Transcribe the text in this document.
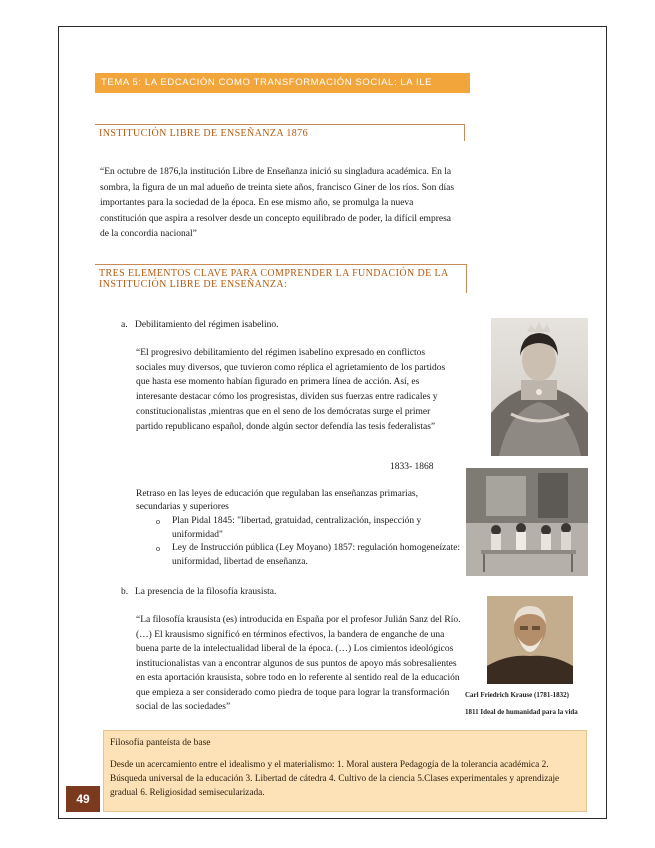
TEMA 5: LA EDCACIÓN COMO TRANSFORMACIÓN SOCIAL: LA ILE
INSTITUCIÓN LIBRE DE ENSEÑANZA 1876
“En octubre de 1876,la institución Libre de Enseñanza inició su singladura académica. En la sombra, la figura de un mal adueño de treinta siete años, francisco Giner de los ríos. Son días importantes para la sociedad de la época. En ese mismo año, se promulga la nueva constitución que aspira a resolver desde un concepto equilibrado de poder, la difícil empresa de la concordia nacional”
TRES ELEMENTOS CLAVE PARA COMPRENDER LA FUNDACIÓN DE LA INSTITUCIÓN LIBRE DE ENSEÑANZA:
a. Debilitamiento del régimen isabelino.
“El progresivo debilitamiento del régimen isabelino expresado en conflictos sociales muy diversos, que tuvieron como réplica el agrietamiento de los partidos que hasta ese momento habían figurado en primera línea de acción. Así, es interesante destacar cómo los progresistas, dividen sus fuerzas entre radicales y constitucionalistas ,mientras que en el seno de los demócratas surge el primer partido republicano español, donde algún sector defendía las tesis federalistas”
1833- 1868
Retraso en las leyes de educación que regulaban las enseñanzas primarias, secundarias y superiores
o Plan Pidal 1845: "libertad, gratuidad, centralización, inspección y uniformidad"
o Ley de Instrucción pública (Ley Moyano) 1857: regulación homogeneízate: uniformidad, libertad de enseñanza.
b. La presencia de la filosofía krausista.
“La filosofía krausista (es) introducida en España por el profesor Julián Sanz del Río. (…) El krausismo significó en términos efectivos, la bandera de enganche de una buena parte de la intelectualidad liberal de la época. (…) Los cimientos ideológicos institucionalistas van a encontrar algunos de sus puntos de apoyo más sobresalientes en esta aportación krausista, sobre todo en lo referente al sentido real de la educación que empieza a ser considerado como piedra de toque para lograr la transformación social de las sociedades”
Carl Friedrich Krause (1781-1832)
1811 Ideal de humanidad para la vida
Filosofía panteísta de base
Desde un acercamiento entre el idealismo y el materialismo: 1. Moral austera Pedagogía de la tolerancia académica 2. Búsqueda universal de la educación 3. Libertad de cátedra 4. Cultivo de la ciencia 5.Clases experimentales y aprendizaje gradual 6. Religiosidad semisecularizada.
49
